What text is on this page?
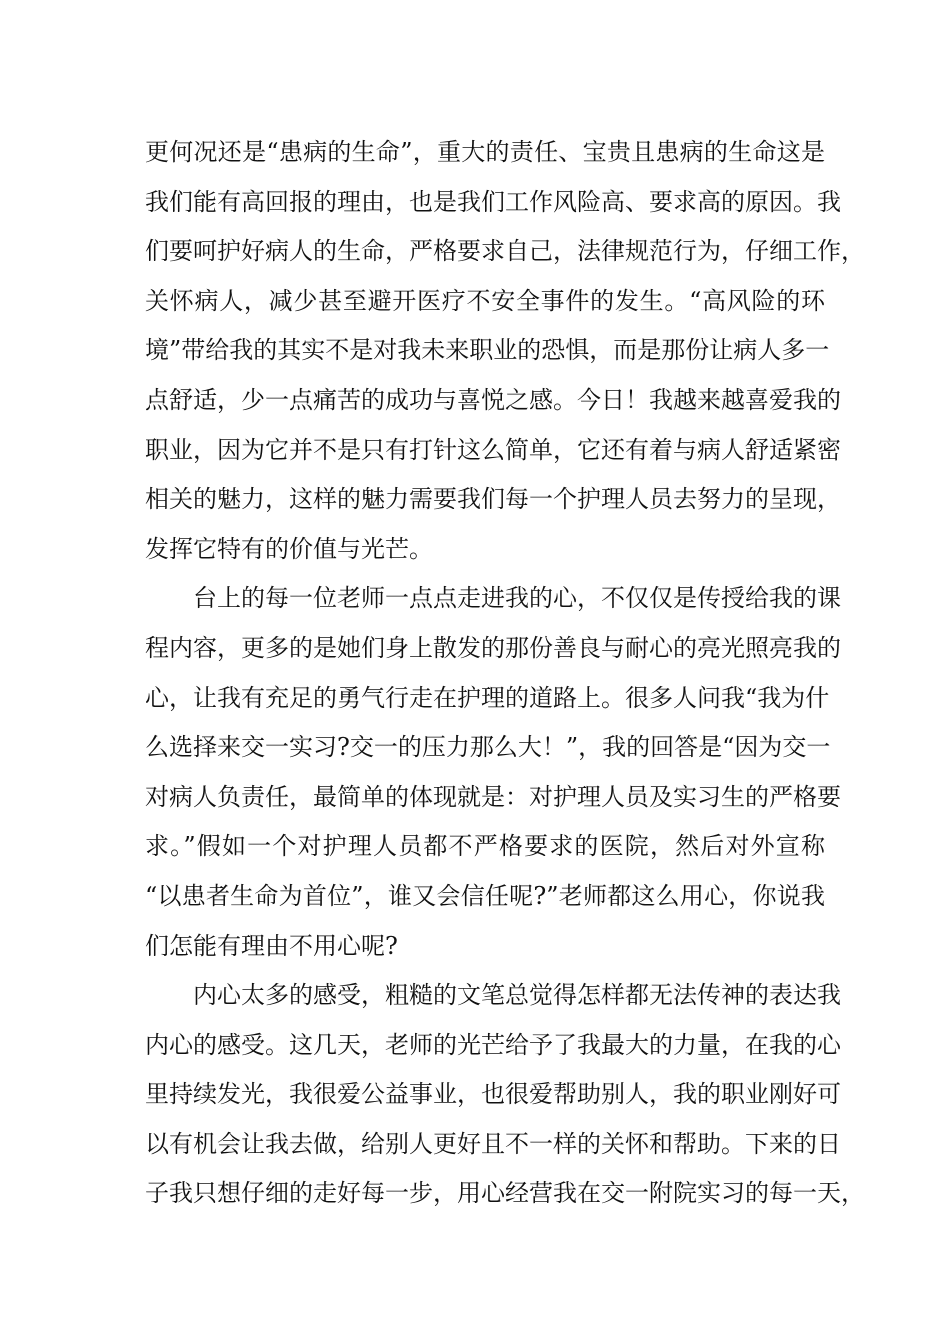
更何况还是“患病的生命”，重大的责任、宝贵且患病的生命这是
我们能有高回报的理由，也是我们工作风险高、要求高的原因。我
们要呵护好病人的生命，严格要求自己，法律规范行为，仔细工作，
关怀病人，减少甚至避开医疗不安全事件的发生。“高风险的环
境”带给我的其实不是对我未来职业的恐惧，而是那份让病人多一
点舒适，少一点痛苦的成功与喜悦之感。今日！我越来越喜爱我的
职业，因为它并不是只有打针这么简单，它还有着与病人舒适紧密
相关的魅力，这样的魅力需要我们每一个护理人员去努力的呈现，
发挥它特有的价值与光芒。
台上的每一位老师一点点走进我的心，不仅仅是传授给我的课
程内容，更多的是她们身上散发的那份善良与耐心的亮光照亮我的
心，让我有充足的勇气行走在护理的道路上。很多人问我“我为什
么选择来交一实习?交一的压力那么大！”，我的回答是“因为交一
对病人负责任，最简单的体现就是：对护理人员及实习生的严格要
求。”假如一个对护理人员都不严格要求的医院，然后对外宣称
“以患者生命为首位”，谁又会信任呢?”老师都这么用心，你说我
们怎能有理由不用心呢?
内心太多的感受，粗糙的文笔总觉得怎样都无法传神的表达我
内心的感受。这几天，老师的光芒给予了我最大的力量，在我的心
里持续发光，我很爱公益事业，也很爱帮助别人，我的职业刚好可
以有机会让我去做，给别人更好且不一样的关怀和帮助。下来的日
子我只想仔细的走好每一步，用心经营我在交一附院实习的每一天，
